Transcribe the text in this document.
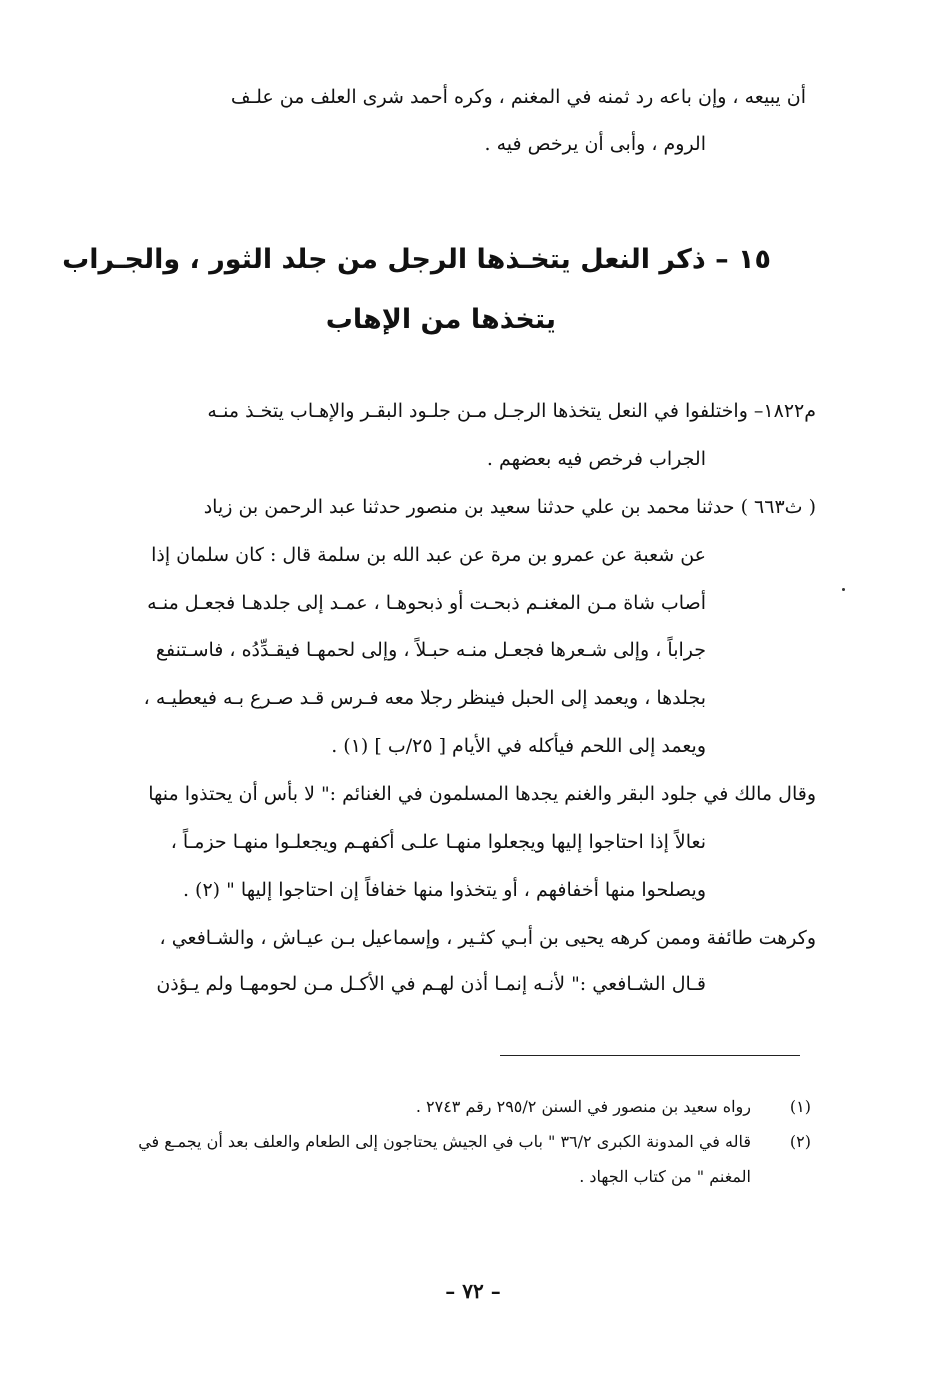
أن يبيعه ، وإن باعه رد ثمنه في المغنم ، وكره أحمد شرى العلف من علـف
الروم ، وأبى أن يرخص فيه .
١٥ – ذكر النعل يتخـذها الرجل من جلد الثور ، والجـراب
يتخذها من الإهاب
م١٨٢٢– واختلفوا في النعل يتخذها الرجـل مـن جلـود البقـر والإهـاب يتخـذ منـه
الجراب فرخص فيه بعضهم .
( ث٦٦٣ ) حدثنا محمد بن علي حدثنا سعيد بن منصور حدثنا عبد الرحمن بن زياد
عن شعبة عن عمرو بن مرة عن عبد الله بن سلمة قال : كان سلمان إذا
أصاب شاة مـن المغنـم ذبحـت أو ذبحوهـا ، عمـد إلى جلدهـا فجعـل منـه
جراباً ، وإلى شـعرها فجعـل منـه حبـلاً ، وإلى لحمهـا فيقـدِّدُه ، فاسـتنفع
بجلدها ، ويعمد إلى الحبل فينظر رجلا معه فـرس قـد صـرع بـه فيعطيـه ،
ويعمد إلى اللحم فيأكله في الأيام [ ٢٥/ب ] (١) .
وقال مالك في جلود البقر والغنم يجدها المسلمون في الغنائم :" لا بأس أن يحتذوا منها
نعالاً إذا احتاجوا إليها ويجعلوا منهـا علـى أكفهـم ويجعلـوا منهـا حزمـاً ،
ويصلحوا منها أخفافهم ، أو يتخذوا منها خفافاً إن احتاجوا إليها " (٢) .
وكرهت طائفة وممن كرهه يحيى بن أبـي كثـير ، وإسماعيل بـن عيـاش ، والشـافعي ،
قـال الشـافعي :" لأنـه إنمـا أذن لهـم في الأكـل مـن لحومهـا ولم يـؤذن
(١)
رواه سعيد بن منصور في السنن ٢٩٥/٢ رقم ٢٧٤٣ .
(٢)
قاله في المدونة الكبرى ٣٦/٢ " باب في الجيش يحتاجون إلى الطعام والعلف بعد أن يجمـع في
المغنم " من كتاب الجهاد .
– ٧٢ –
